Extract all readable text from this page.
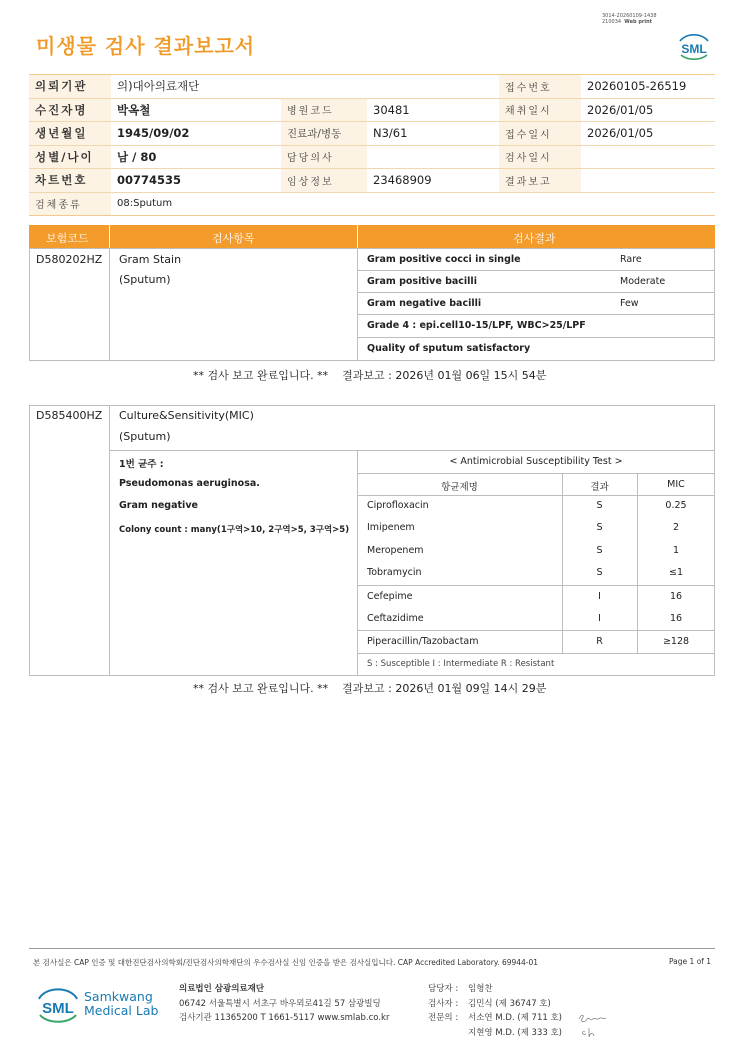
미생물 검사 결과보고서
3014-20260109-1438
210034 Web print
SML
의뢰기관	의)대아의료재단			접수번호	20260105-26519
수진자명	박옥철	병원코드	30481	채취일시	2026/01/05
생년월일	1945/09/02	진료과/병동	N3/61	접수일시	2026/01/05
성별/나이	남 / 80	담당의사		검사일시	
차트번호	00774535	임상정보	23468909	결과보고	
검체종류	08:Sputum				
보험코드	검사항목	검사결과
D580202HZ Gram Stain
(Sputum)
Gram positive cocci in single	Rare
Gram positive bacilli	Moderate
Gram negative bacilli	Few
Grade 4 : epi.cell10-15/LPF, WBC>25/LPF
Quality of sputum satisfactory
** 검사 보고 완료입니다. ** 결과보고 : 2026년 01월 06일 15시 54분
D585400HZ Culture&Sensitivity(MIC)
(Sputum)
1번 균주 :
Pseudomonas aeruginosa.
Gram negative
Colony count : many(1구역>10, 2구역>5, 3구역>5)
< Antimicrobial Susceptibility Test >
항균제명	결과	MIC
Ciprofloxacin	S	0.25
Imipenem	S	2
Meropenem	S	1
Tobramycin	S	≤1
Cefepime	I	16
Ceftazidime	I	16
Piperacillin/Tazobactam	R	≥128
S : Susceptible I : Intermediate R : Resistant
** 검사 보고 완료입니다. ** 결과보고 : 2026년 01월 09일 14시 29분
본 검사실은 CAP 인증 및 대한진단검사의학회/진단검사의학재단의 우수검사실 신임 인증을 받은 검사실입니다. CAP Accredited Laboratory. 69944-01	Page 1 of 1
SML
Samkwang
Medical Lab
의료법인 삼광의료재단
06742 서울특별시 서초구 바우뫼로41길 57 삼광빌딩
검사기관 11365200 T 1661-5117 www.smlab.co.kr
담당자 : 임형찬
검사자 : 김민식 (제 36747 호)
전문의 : 서소연 M.D. (제 711 호)
지현영 M.D. (제 333 호)
